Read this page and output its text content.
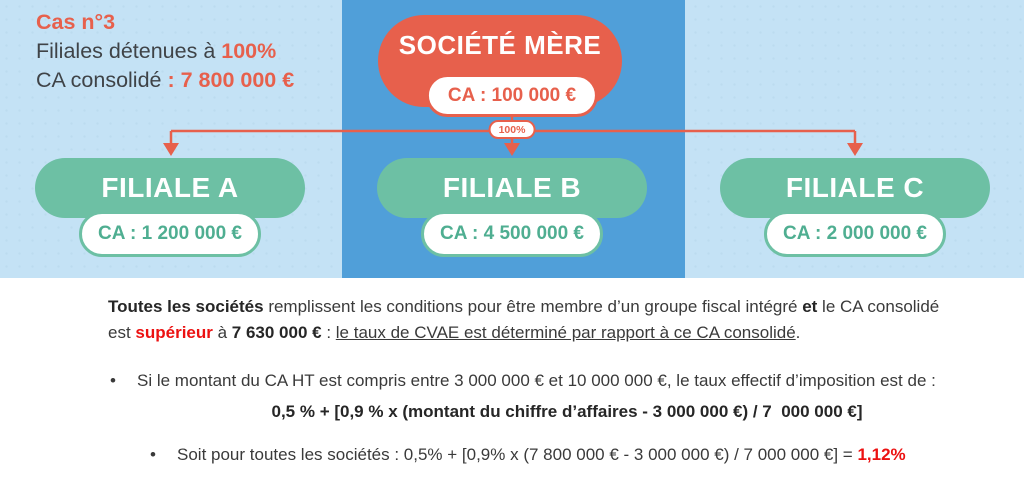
Cas n°3
Filiales détenues à 100%
CA consolidé : 7 800 000 €
SOCIÉTÉ MÈRE
CA : 100 000 €
100%
FILIALE A
CA : 1 200 000 €
FILIALE B
CA : 4 500 000 €
FILIALE C
CA : 2 000 000 €

Toutes les sociétés remplissent les conditions pour être membre d’un groupe fiscal intégré et le CA consolidé
est supérieur à 7 630 000 € : le taux de CVAE est déterminé par rapport à ce CA consolidé.

•	Si le montant du CA HT est compris entre 3 000 000 € et 10 000 000 €, le taux effectif d’imposition est de :
0,5 % + [0,9 % x (montant du chiffre d’affaires - 3 000 000 €) / 7  000 000 €]
•	Soit pour toutes les sociétés : 0,5% + [0,9% x (7 800 000 € - 3 000 000 €) / 7 000 000 €] = 1,12%
